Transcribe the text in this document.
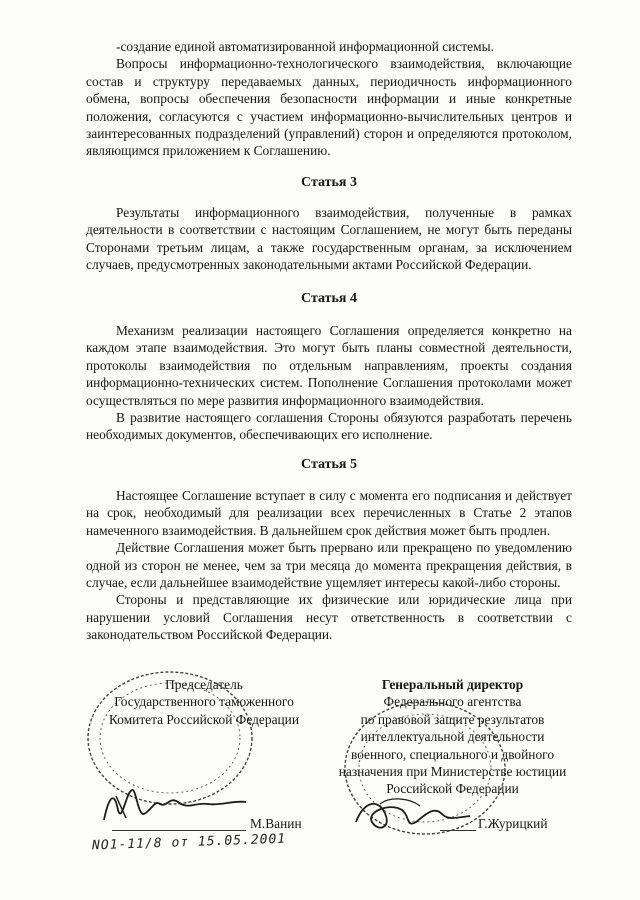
-создание единой автоматизированной информационной системы.

Вопросы информационно-технологического взаимодействия, включающие состав и структуру передаваемых данных, периодичность информационного обмена, вопросы обеспечения безопасности информации и иные конкретные положения, согласуются с участием информационно-вычислительных центров и заинтересованных подразделений (управлений) сторон и определяются протоколом, являющимся приложением к Соглашению.

Статья 3

Результаты информационного взаимодействия, полученные в рамках деятельности в соответствии с настоящим Соглашением, не могут быть переданы Сторонами третьим лицам, а также государственным органам, за исключением случаев, предусмотренных законодательными актами Российской Федерации.

Статья 4

Механизм реализации настоящего Соглашения определяется конкретно на каждом этапе взаимодействия. Это могут быть планы совместной деятельности, протоколы взаимодействия по отдельным направлениям, проекты создания информационно-технических систем. Пополнение Соглашения протоколами может осуществляться по мере развития информационного взаимодействия.

В развитие настоящего соглашения Стороны обязуются разработать перечень необходимых документов, обеспечивающих его исполнение.

Статья 5

Настоящее Соглашение вступает в силу с момента его подписания и действует на срок, необходимый для реализации всех перечисленных в Статье 2 этапов намеченного взаимодействия. В дальнейшем срок действия может быть продлен.

Действие Соглашения может быть прервано или прекращено по уведомлению одной из сторон не менее, чем за три месяца до момента прекращения действия, в случае, если дальнейшее взаимодействие ущемляет интересы какой-либо стороны.

Стороны и представляющие их физические или юридические лица при нарушении условий Соглашения несут ответственность в соответствии с законодательством Российской Федерации.

Председатель
Государственного таможенного
Комитета Российской Федерации
Генеральный директор
Федерального агентства
по правовой защите результатов
интеллектуальной деятельности
военного, специального и двойного
назначения при Министерстве юстиции
Российской Федерации
М.Ванин	Г.Журицкий
NО1-11/8 от 15.05.2001
